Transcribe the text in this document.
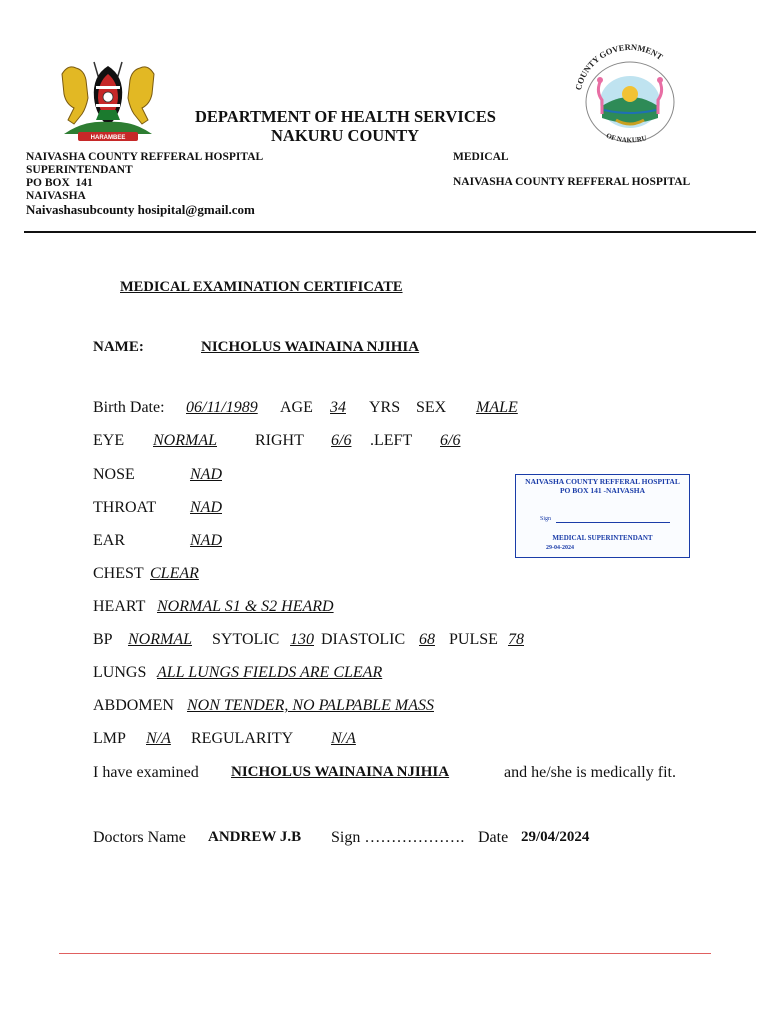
HARAMBEE
COUNTY GOVERNMENT
OF NAKURU
DEPARTMENT OF HEALTH SERVICES
NAKURU COUNTY
NAIVASHA COUNTY REFFERAL HOSPITAL
SUPERINTENDANT
PO BOX  141
NAIVASHA
Naivashasubcounty hosipital@gmail.com
MEDICAL
NAIVASHA COUNTY REFFERAL HOSPITAL
MEDICAL EXAMINATION CERTIFICATE
NAME:	NICHOLUS WAINAINA NJIHIA
Birth Date: 06/11/1989 AGE 34 YRS SEX MALE
EYE NORMAL RIGHT 6/6 .LEFT 6/6
NOSE	NAD
THROAT NAD
EAR	NAD
CHEST CLEAR
HEART NORMAL S1 & S2 HEARD
BP NORMAL SYTOLIC 130 DIASTOLIC 68 PULSE 78
LUNGS ALL LUNGS FIELDS ARE CLEAR
ABDOMEN NON TENDER, NO PALPABLE MASS
LMP N/A REGULARITY N/A
I have examined NICHOLUS WAINAINA NJIHIA	and he/she is medically fit.
Doctors Name ANDREW J.B Sign ………………. Date 29/04/2024
NAIVASHA COUNTY REFFERAL HOSPITAL
PO BOX 141 -NAIVASHA
Sign
MEDICAL SUPERINTENDANT
29-04-2024
